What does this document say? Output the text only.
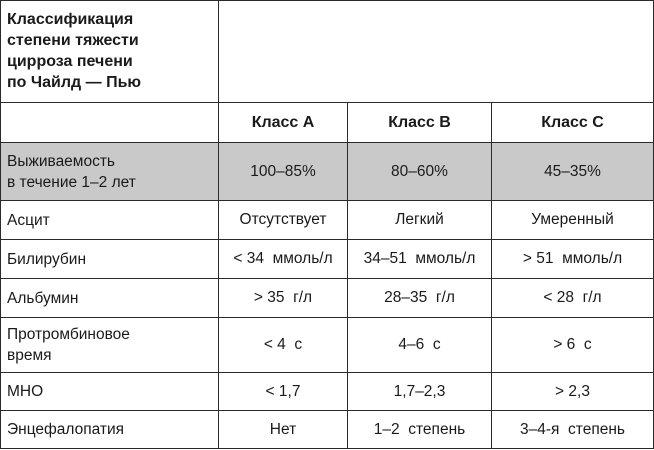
Классификация
степени тяжести
цирроза печени
по Чайлд — Пью			
	Класс A	Класс B	Класс C
Выживаемость
в течение 1–2 лет	100–85%	80–60%	45–35%
Асцит	Отсутствует	Легкий	Умеренный
Билирубин	< 34  ммоль/л	34–51  ммоль/л	> 51  ммоль/л
Альбумин	> 35  г/л	28–35  г/л	< 28  г/л
Протромбиновое
время	< 4  с	4–6  с	> 6  с
МНО	< 1,7	1,7–2,3	> 2,3
Энцефалопатия	Нет	1–2  степень	3–4-я  степень
